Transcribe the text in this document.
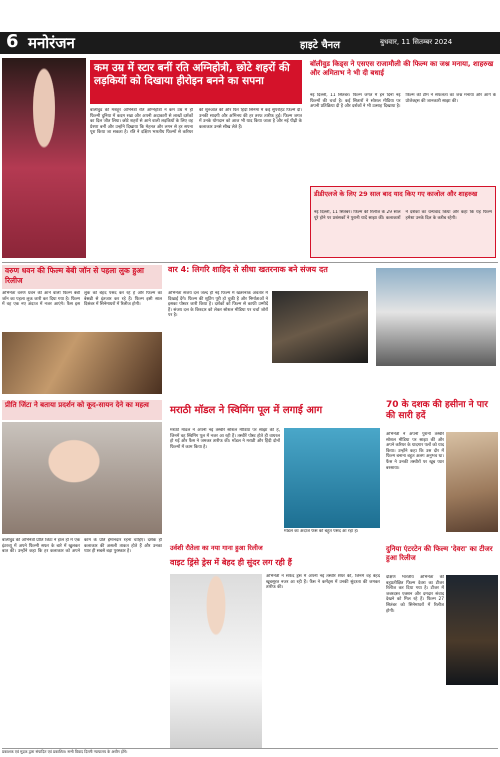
6 मनोरंजन	हाइटे चैनल	बुधवार, 11 सितम्बर 2024
कम उम्र में स्टार बनीं रति अग्निहोत्री, छोटे शहरों की लड़कियों को दिखाया हीरोइन बनने का सपना
बॉलीवुड की मशहूर अभिनेत्री रति अग्निहोत्री ने कम उम्र में ही फिल्मी दुनिया में कदम रखा और अपनी अदाकारी से लाखों दर्शकों का दिल जीत लिया। छोटे शहरों से आने वाली लड़कियों के लिए वह प्रेरणा बनीं और उन्होंने दिखाया कि मेहनत और लगन से हर सपना पूरा किया जा सकता है। रति ने दक्षिण भारतीय फिल्मों से करियर की शुरुआत की और फिर हिंदी सिनेमा में कई सुपरहिट फिल्में दीं। उनकी सादगी और अभिनय की हर तरफ तारीफ हुई। फिल्म जगत में उनके योगदान को आज भी याद किया जाता है और नई पीढ़ी के कलाकार उनसे सीख लेते हैं।
बॉलीवुड किड्स ने एसएस राजामौली की फिल्म का जश्न मनाया, शाहरुख और अमिताभ ने भी दी बधाई
नई दिल्ली, 11 सितंबर। फिल्म जगत में इन दिनों नई फिल्मों की चर्चा है। कई सितारों ने सोशल मीडिया पर अपनी प्रतिक्रिया दी है और दर्शकों ने भी उत्साह दिखाया है। फिल्म की टीम ने सफलता का जश्न मनाया और आगे के प्रोजेक्ट्स की जानकारी साझा की।
डीडीएलजे के लिए 29 साल बाद याद किए गए काजोल और शाहरुख
नई दिल्ली, 11 सितंबर। फिल्म की रिलीज के 29 साल पूरे होने पर प्रशंसकों ने पुरानी यादें साझा कीं। कलाकारों ने दर्शकों का धन्यवाद किया और कहा कि यह फिल्म हमेशा उनके दिल के करीब रहेगी।
वरुण धवन की फिल्म बेबी जॉन से पहला लुक हुआ रिलीज
अभिनेता वरुण धवन की आने वाली फिल्म बेबी जॉन का पहला लुक जारी कर दिया गया है। फिल्म में वह एक नए अंदाज में नजर आएंगे। फैंस इस लुक को बेहद पसंद कर रहे हैं और फिल्म का बेसब्री से इंतजार कर रहे हैं। फिल्म इसी साल दिसंबर में सिनेमाघरों में रिलीज होगी।
वार 4: लिगरि शाहिद से सीधा खतरनाक बने संजय दत
अभिनेता संजय दत्त जल्द ही नई फिल्म में खतरनाक अवतार में दिखाई देंगे। फिल्म की शूटिंग पूरी हो चुकी है और निर्माताओं ने इसका पोस्टर जारी किया है। दर्शकों को फिल्म से काफी उम्मीदें हैं। संजय दत्त के किरदार को लेकर सोशल मीडिया पर चर्चा जोरों पर है।
प्रीति जिंटा ने बताया प्रदर्शन को कूद-सायन देने का महत्व
बॉलीवुड की अभिनेत्री प्रीति जिंटा ने हाल ही में एक इंटरव्यू में अपने फिल्मी सफर के बारे में खुलकर बात की। उन्होंने कहा कि हर कलाकार को अपने काम के प्रति ईमानदार रहना चाहिए। दर्शक ही कलाकार की असली ताकत होते हैं और उनका प्यार ही सबसे बड़ा पुरस्कार है।
मराठी मॉडल ने स्विमिंग पूल में लगाई आग
मराठी मॉडल ने अपनी नई तस्वीरें सोशल मीडिया पर साझा की हैं, जिनमें वह स्विमिंग पूल में नजर आ रही हैं। तस्वीरें पोस्ट होते ही वायरल हो गईं और फैंस ने जमकर तारीफ की। मॉडल ने मराठी और हिंदी दोनों फिल्मों में काम किया है।
मॉडल का अंदाज फैंस को बहुत पसंद आ रहा है।
उर्वशी रौतेला का नया गाना हुआ रिलीज
70 के दशक की हसीना ने पार की सारी हदें
अभिनेत्री ने अपनी पुरानी तस्वीरें सोशल मीडिया पर साझा कीं और अपने करियर के यादगार पलों को याद किया। उन्होंने कहा कि उस दौर में फिल्म बनाना बहुत अलग अनुभव था। फैंस ने उनकी तस्वीरों पर खूब प्यार बरसाया।
वाइट ड्रिंसे ड्रेस में बेहद ही सुंदर लग रही हैं
अभिनेत्री ने सफेद ड्रेस में अपनी नई तस्वीरें शेयर कीं, जिनमें वह बेहद खूबसूरत नजर आ रही हैं। फैंस ने कमेंट्स में उनकी सुंदरता की जमकर तारीफ की।
दुनिया एंटरटेन की फिल्म 'देवरा' का टीजर हुआ रिलीज
दक्षिण भारतीय अभिनेता की बहुप्रतीक्षित फिल्म देवरा का टीजर रिलीज कर दिया गया है। टीजर में जबरदस्त एक्शन और दमदार संवाद देखने को मिल रहे हैं। फिल्म 27 सितंबर को सिनेमाघरों में रिलीज होगी।
प्रकाशक एवं मुद्रक द्वारा संपादित एवं प्रकाशित। सभी विवाद दिल्ली न्यायालय के अधीन होंगे।
